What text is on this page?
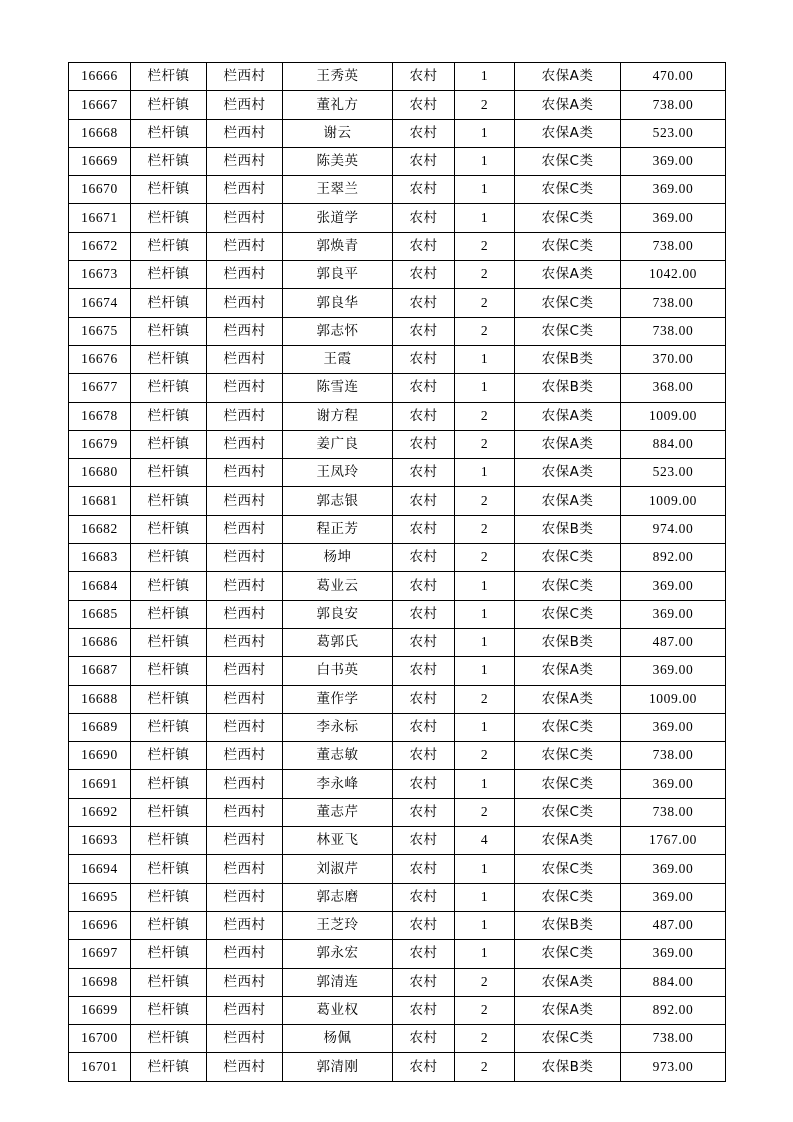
16666	栏杆镇	栏西村	王秀英	农村	1	农保A类	470.00
16667	栏杆镇	栏西村	董礼方	农村	2	农保A类	738.00
16668	栏杆镇	栏西村	谢云	农村	1	农保A类	523.00
16669	栏杆镇	栏西村	陈美英	农村	1	农保C类	369.00
16670	栏杆镇	栏西村	王翠兰	农村	1	农保C类	369.00
16671	栏杆镇	栏西村	张道学	农村	1	农保C类	369.00
16672	栏杆镇	栏西村	郭焕青	农村	2	农保C类	738.00
16673	栏杆镇	栏西村	郭良平	农村	2	农保A类	1042.00
16674	栏杆镇	栏西村	郭良华	农村	2	农保C类	738.00
16675	栏杆镇	栏西村	郭志怀	农村	2	农保C类	738.00
16676	栏杆镇	栏西村	王霞	农村	1	农保B类	370.00
16677	栏杆镇	栏西村	陈雪连	农村	1	农保B类	368.00
16678	栏杆镇	栏西村	谢方程	农村	2	农保A类	1009.00
16679	栏杆镇	栏西村	姜广良	农村	2	农保A类	884.00
16680	栏杆镇	栏西村	王凤玲	农村	1	农保A类	523.00
16681	栏杆镇	栏西村	郭志银	农村	2	农保A类	1009.00
16682	栏杆镇	栏西村	程正芳	农村	2	农保B类	974.00
16683	栏杆镇	栏西村	杨坤	农村	2	农保C类	892.00
16684	栏杆镇	栏西村	葛业云	农村	1	农保C类	369.00
16685	栏杆镇	栏西村	郭良安	农村	1	农保C类	369.00
16686	栏杆镇	栏西村	葛郭氏	农村	1	农保B类	487.00
16687	栏杆镇	栏西村	白书英	农村	1	农保A类	369.00
16688	栏杆镇	栏西村	董作学	农村	2	农保A类	1009.00
16689	栏杆镇	栏西村	李永标	农村	1	农保C类	369.00
16690	栏杆镇	栏西村	董志敏	农村	2	农保C类	738.00
16691	栏杆镇	栏西村	李永峰	农村	1	农保C类	369.00
16692	栏杆镇	栏西村	董志芹	农村	2	农保C类	738.00
16693	栏杆镇	栏西村	林亚飞	农村	4	农保A类	1767.00
16694	栏杆镇	栏西村	刘淑芹	农村	1	农保C类	369.00
16695	栏杆镇	栏西村	郭志磨	农村	1	农保C类	369.00
16696	栏杆镇	栏西村	王芝玲	农村	1	农保B类	487.00
16697	栏杆镇	栏西村	郭永宏	农村	1	农保C类	369.00
16698	栏杆镇	栏西村	郭清连	农村	2	农保A类	884.00
16699	栏杆镇	栏西村	葛业权	农村	2	农保A类	892.00
16700	栏杆镇	栏西村	杨佩	农村	2	农保C类	738.00
16701	栏杆镇	栏西村	郭清刚	农村	2	农保B类	973.00
